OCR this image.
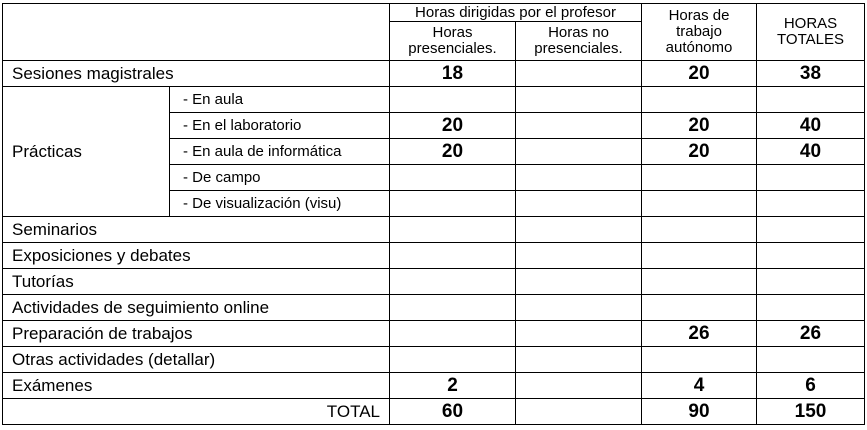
		Horas dirigidas por el profesor		Horas de trabajo autónomo	HORAS TOTALES
		Horas presenciales.	Horas no presenciales.		
Sesiones magistrales		18		20	38
Prácticas	- En aula				
	- En el laboratorio	20		20	40
	- En aula de informática	20		20	40
	- De campo				
	- De visualización (visu)				
Seminarios					
Exposiciones y debates					
Tutorías					
Actividades de seguimiento online					
Preparación de trabajos				26	26
Otras actividades (detallar)					
Exámenes		2		4	6
TOTAL		60		90	150
